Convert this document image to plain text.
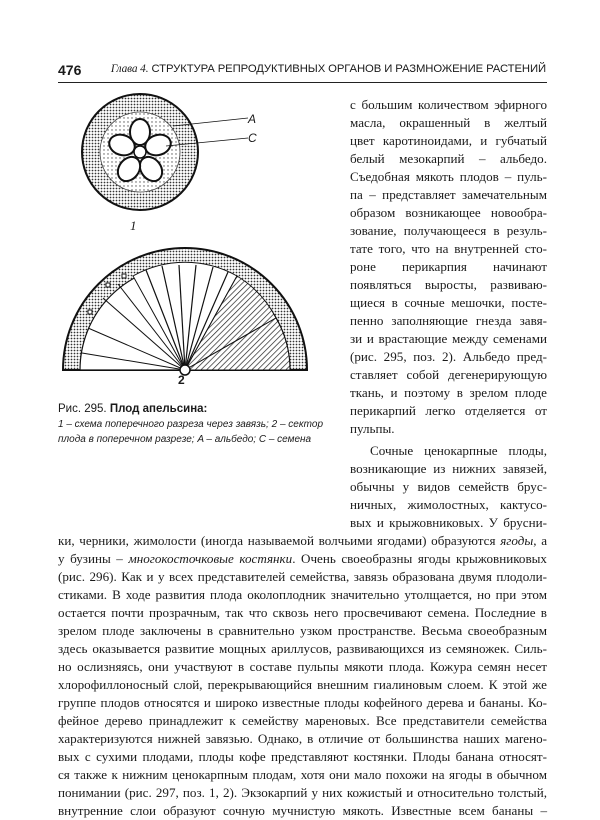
476	Глава 4. СТРУКТУРА РЕПРОДУКТИВНЫХ ОРГАНОВ И РАЗМНОЖЕНИЕ РАСТЕНИЙ
A
C
1
2
Рис. 295. Плод апельсина:
1 – схема поперечного разреза через завязь; 2 – сектор
плода в поперечном разрезе; A – альбедо; C – семена
с большим количеством эфирного
масла, окрашенный в желтый
цвет каротиноидами, и губчатый
белый мезокарпий – альбедо.
Съедобная мякоть плодов – пуль-
па – представляет замечательным
образом возникающее новообра-
зование, получающееся в резуль-
тате того, что на внутренней сто-
роне перикарпия начинают
появляться выросты, развиваю-
щиеся в сочные мешочки, посте-
пенно заполняющие гнезда завя-
зи и врастающие между семенами
(рис. 295, поз. 2). Альбедо пред-
ставляет собой дегенерирующую
ткань, и поэтому в зрелом плоде
перикарпий легко отделяется от
пульпы.
Сочные ценокарпные плоды,
возникающие из нижних завязей,
обычны у видов семейств брус-
ничных, жимолостных, кактусо-
вых и крыжовниковых. У брусни-
ки, черники, жимолости (иногда называемой волчьими ягодами) образуются ягоды, а
у бузины – многокосточковые костянки. Очень своеобразны ягоды крыжовниковых
(рис. 296). Как и у всех представителей семейства, завязь образована двумя плодоли-
стиками. В ходе развития плода околоплодник значительно утолщается, но при этом
остается почти прозрачным, так что сквозь него просвечивают семена. Последние в
зрелом плоде заключены в сравнительно узком пространстве. Весьма своеобразным
здесь оказывается развитие мощных ариллусов, развивающихся из семяножек. Силь-
но ослизняясь, они участвуют в составе пульпы мякоти плода. Кожура семян несет
хлорофиллоносный слой, перекрывающийся внешним гиалиновым слоем. К этой же
группе плодов относятся и широко известные плоды кофейного дерева и бананы. Ко-
фейное дерево принадлежит к семейству мареновых. Все представители семейства
характеризуются нижней завязью. Однако, в отличие от большинства наших мarено-
вых с сухими плодами, плоды кофе представляют костянки. Плоды банана относят-
ся также к нижним ценокарпным плодам, хотя они мало похожи на ягоды в обычном
понимании (рис. 297, поз. 1, 2). Экзокарпий у них кожистый и относительно толстый,
внутренние слои образуют сочную мучнистую мякоть. Известные всем бананы –
